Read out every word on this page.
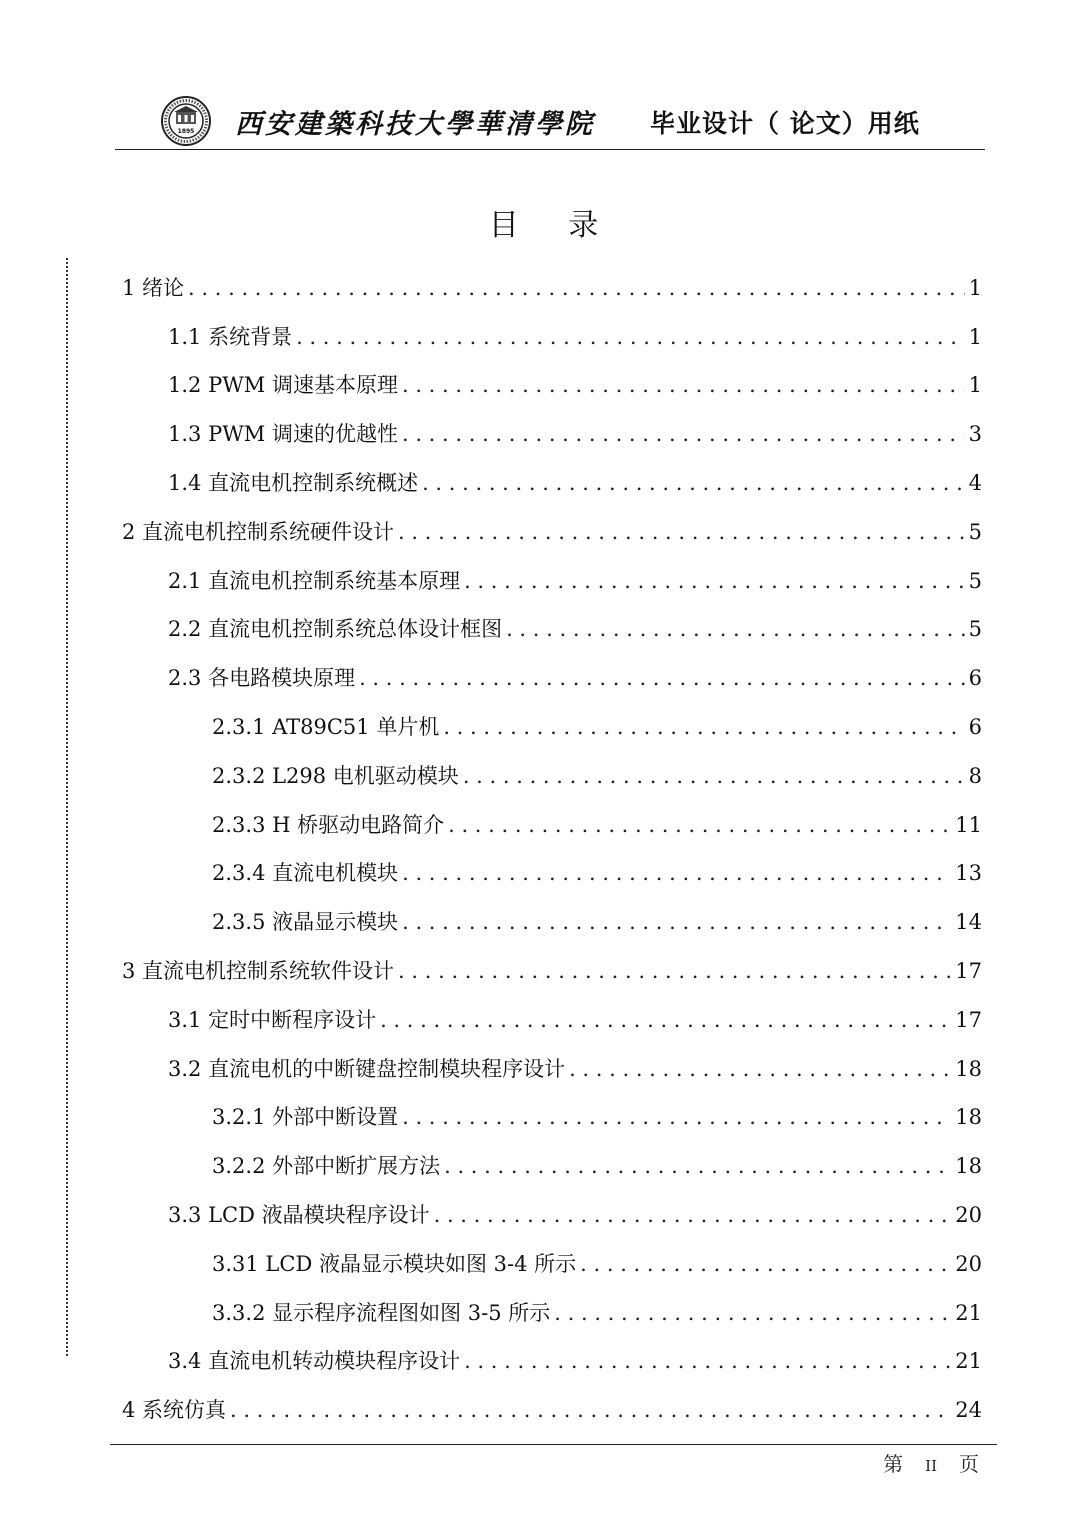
1895 西安建築科技大學華清學院 毕业设计（ 论文）用纸
目 录
1 绪论 . . .	1
1.1 系统背景 . . .	1
1.2 PWM 调速基本原理 . . .	1
1.3 PWM 调速的优越性 . . .	3
1.4 直流电机控制系统概述 . . .	4
2 直流电机控制系统硬件设计 . . .	5
2.1 直流电机控制系统基本原理 . . .	5
2.2 直流电机控制系统总体设计框图 . . .	5
2.3 各电路模块原理 . . .	6
2.3.1 AT89C51 单片机 . . .	6
2.3.2 L298 电机驱动模块 . . .	8
2.3.3 H 桥驱动电路简介 . . .	11
2.3.4 直流电机模块 . . .	13
2.3.5 液晶显示模块 . . .	14
3 直流电机控制系统软件设计 . . .	17
3.1 定时中断程序设计 . . .	17
3.2 直流电机的中断键盘控制模块程序设计 . . .	18
3.2.1 外部中断设置 . . .	18
3.2.2 外部中断扩展方法 . . .	18
3.3 LCD 液晶模块程序设计 . . .	20
3.31 LCD 液晶显示模块如图 3-4 所示 . . .	20
3.3.2 显示程序流程图如图 3-5 所示 . . .	21
3.4 直流电机转动模块程序设计 . . .	21
4 系统仿真 . . .	24
第 II 页
